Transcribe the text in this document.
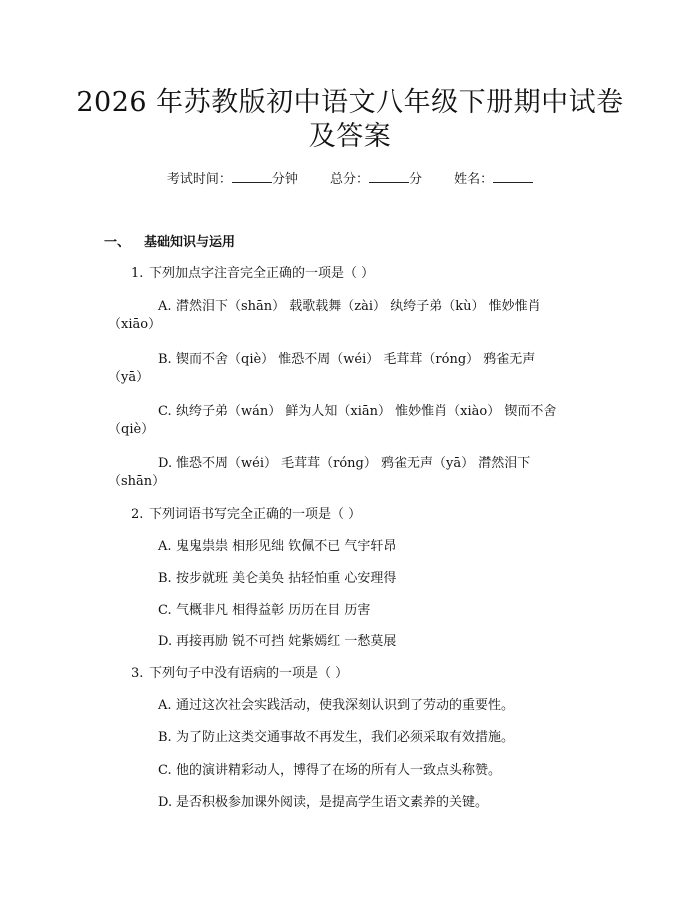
2026 年苏教版初中语文八年级下册期中试卷
及答案
考试时间：	分钟 总分：	分 姓名：
一、 基础知识与运用
1. 下列加点字注音完全正确的一项是（ ）
A. 潸然泪下（shān） 载歌载舞（zài） 纨绔子弟（kù） 惟妙惟肖
（xiāo）
B. 锲而不舍（qiè） 惟恐不周（wéi） 毛茸茸（róng） 鸦雀无声
（yā）
C. 纨绔子弟（wán） 鲜为人知（xiān） 惟妙惟肖（xiào） 锲而不舍
（qiè）
D. 惟恐不周（wéi） 毛茸茸（róng） 鸦雀无声（yā） 潸然泪下
（shān）
2. 下列词语书写完全正确的一项是（ ）
A. 鬼鬼祟祟 相形见绌 钦佩不已 气宇轩昂
B. 按步就班 美仑美奂 拈轻怕重 心安理得
C. 气概非凡 相得益彰 历历在目 历害
D. 再接再励 锐不可挡 姹紫嫣红 一愁莫展
3. 下列句子中没有语病的一项是（ ）
A. 通过这次社会实践活动，使我深刻认识到了劳动的重要性。
B. 为了防止这类交通事故不再发生，我们必须采取有效措施。
C. 他的演讲精彩动人，博得了在场的所有人一致点头称赞。
D. 是否积极参加课外阅读，是提高学生语文素养的关键。
